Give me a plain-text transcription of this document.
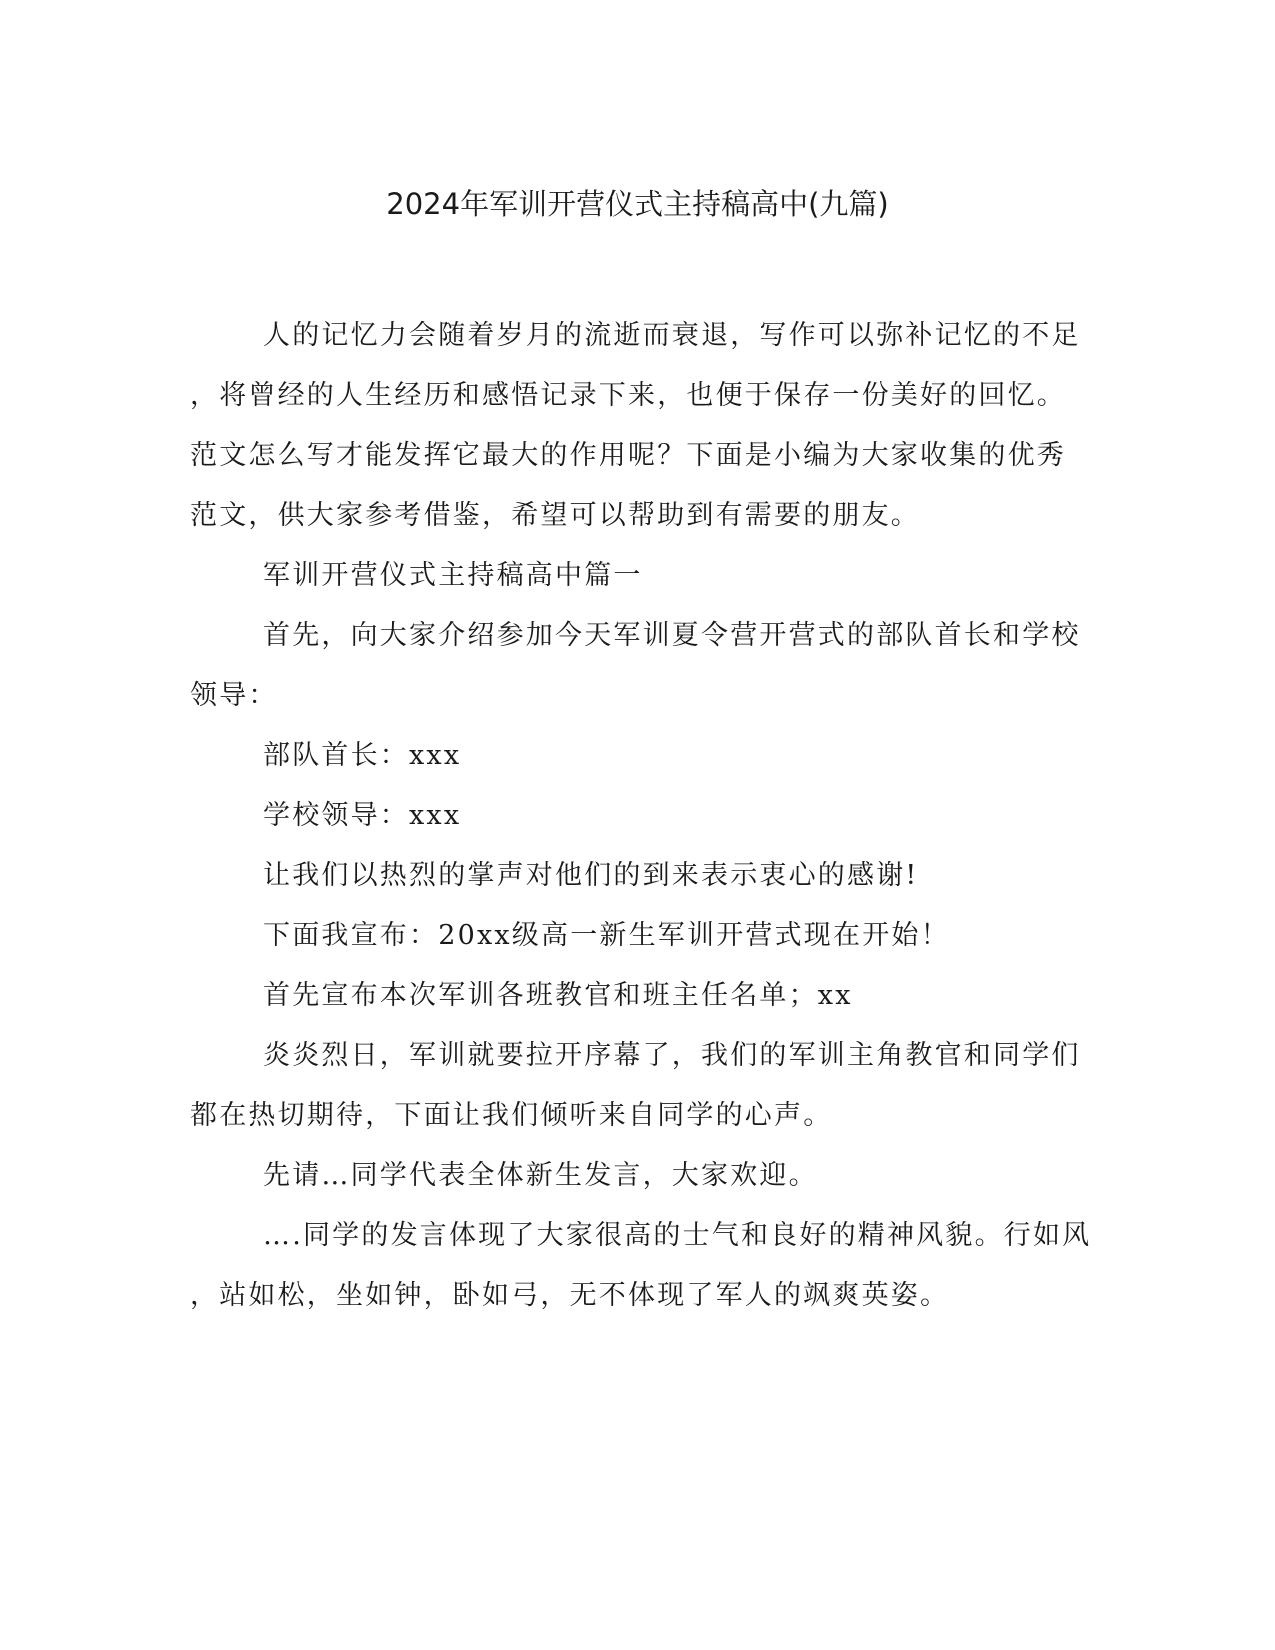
2024年军训开营仪式主持稿高中(九篇)

人的记忆力会随着岁月的流逝而衰退，写作可以弥补记忆的不足

，将曾经的人生经历和感悟记录下来，也便于保存一份美好的回忆。

范文怎么写才能发挥它最大的作用呢？下面是小编为大家收集的优秀

范文，供大家参考借鉴，希望可以帮助到有需要的朋友。

军训开营仪式主持稿高中篇一

首先，向大家介绍参加今天军训夏令营开营式的部队首长和学校

领导：

部队首长：xxx

学校领导：xxx

让我们以热烈的掌声对他们的到来表示衷心的感谢!

下面我宣布：20xx级高一新生军训开营式现在开始！

首先宣布本次军训各班教官和班主任名单；xx

炎炎烈日，军训就要拉开序幕了，我们的军训主角教官和同学们

都在热切期待，下面让我们倾听来自同学的心声。

先请…同学代表全体新生发言，大家欢迎。

….同学的发言体现了大家很高的士气和良好的精神风貌。行如风

，站如松，坐如钟，卧如弓，无不体现了军人的飒爽英姿。
